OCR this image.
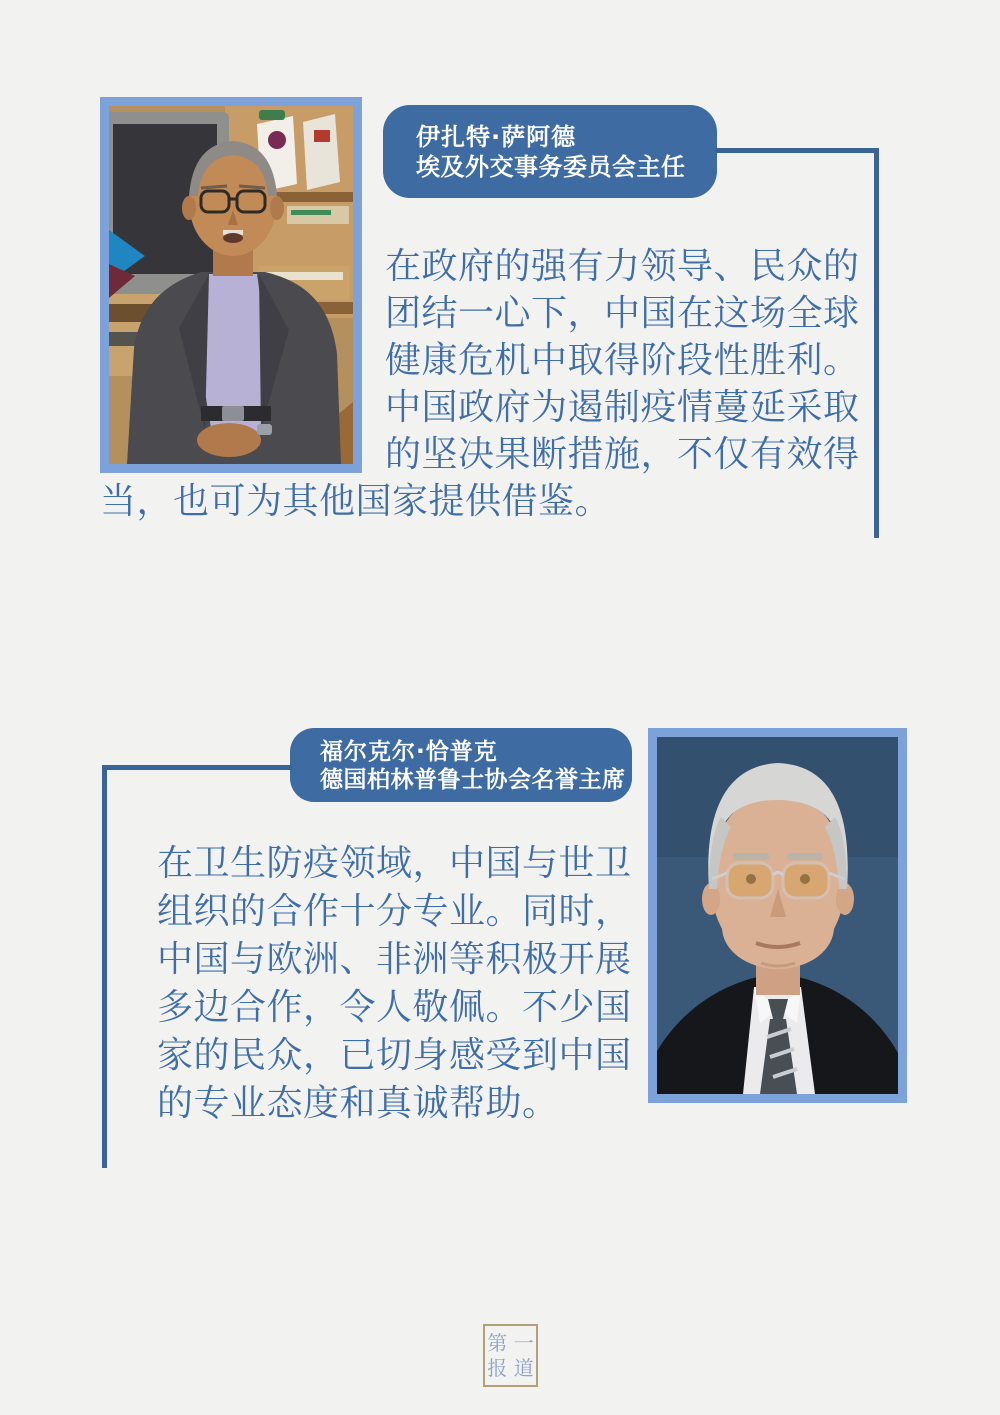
伊扎特·萨阿德
埃及外交事务委员会主任
在政府的强有力领导、民众的
团结一心下，中国在这场全球
健康危机中取得阶段性胜利。
中国政府为遏制疫情蔓延采取
的坚决果断措施，不仅有效得
当，也可为其他国家提供借鉴。
福尔克尔·恰普克
德国柏林普鲁士协会名誉主席
在卫生防疫领域，中国与世卫
组织的合作十分专业。同时，
中国与欧洲、非洲等积极开展
多边合作，令人敬佩。不少国
家的民众，已切身感受到中国
的专业态度和真诚帮助。
第 一
报 道
